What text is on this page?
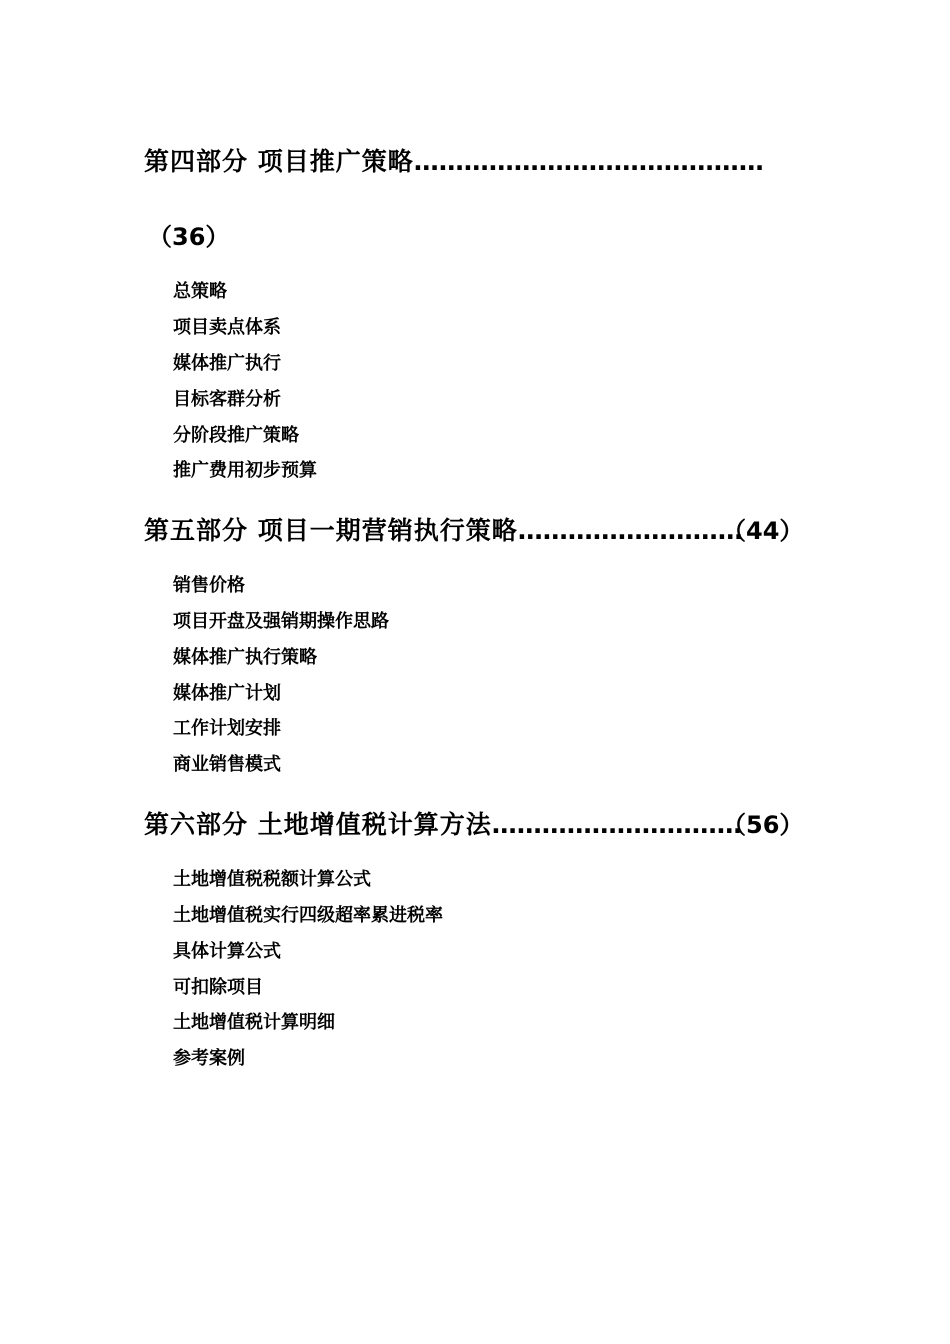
第四部分 项目推广策略……………………………………
（36）
总策略
项目卖点体系
媒体推广执行
目标客群分析
分阶段推广策略
推广费用初步预算
第五部分 项目一期营销执行策略………………………
（44）
销售价格
项目开盘及强销期操作思路
媒体推广执行策略
媒体推广计划
工作计划安排
商业销售模式
第六部分 土地增值税计算方法…………………………
（56）
土地增值税税额计算公式
土地增值税实行四级超率累进税率
具体计算公式
可扣除项目
土地增值税计算明细
参考案例
